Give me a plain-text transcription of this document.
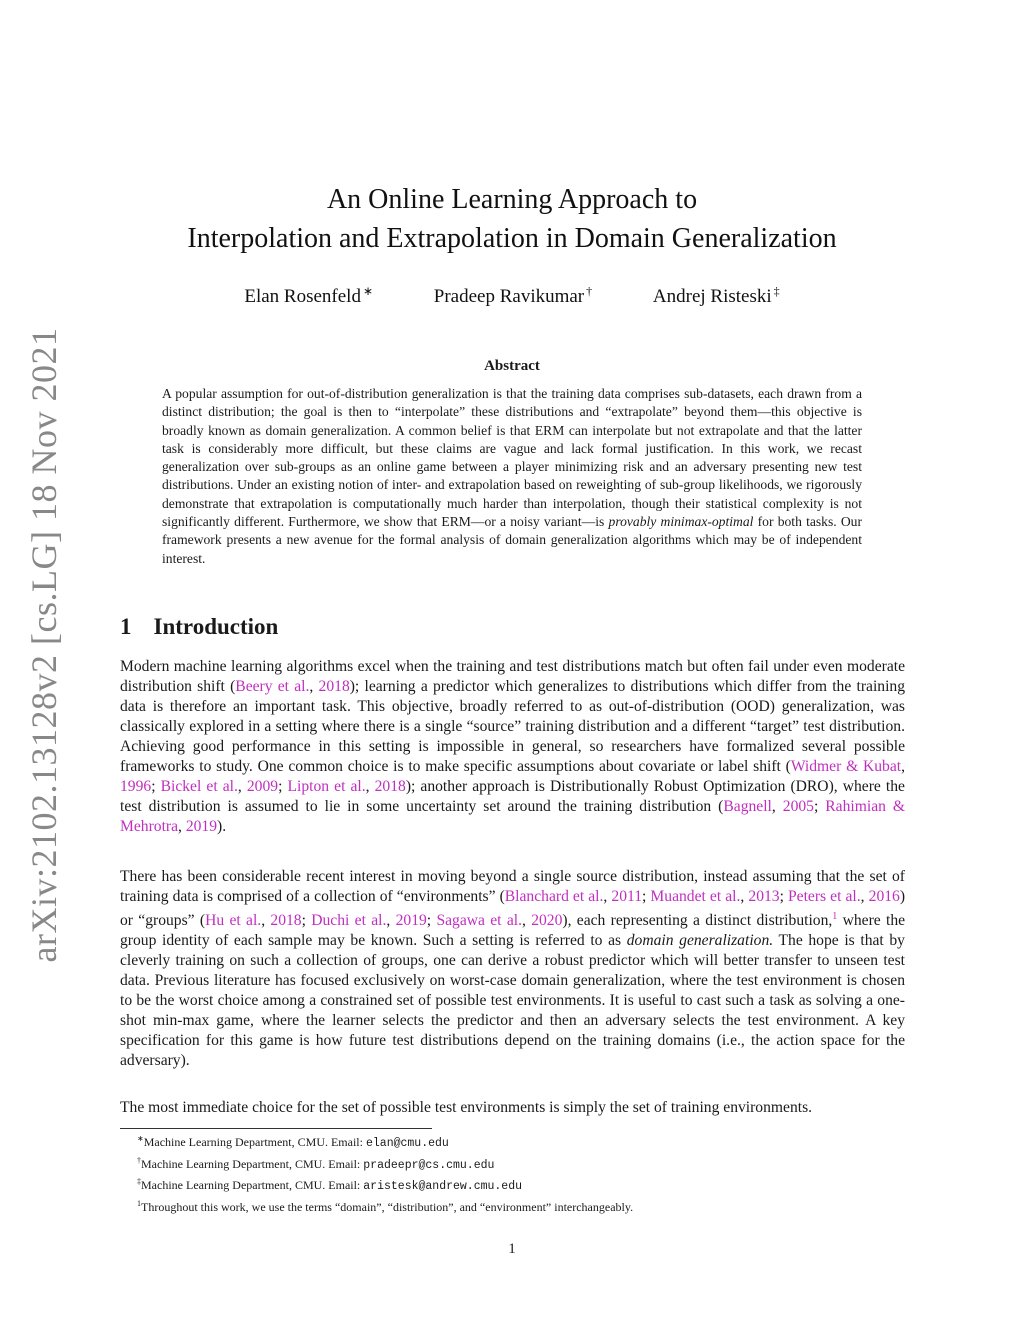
arXiv:2102.13128v2 [cs.LG] 18 Nov 2021
An Online Learning Approach to
Interpolation and Extrapolation in Domain Generalization
Elan Rosenfeld ∗	Pradeep Ravikumar †	Andrej Risteski ‡
Abstract
A popular assumption for out-of-distribution generalization is that the training data comprises sub-datasets, each drawn from a distinct distribution; the goal is then to “interpolate” these distributions and “extrapolate” beyond them—this objective is broadly known as domain generalization. A common belief is that ERM can interpolate but not extrapolate and that the latter task is considerably more difficult, but these claims are vague and lack formal justification. In this work, we recast generalization over sub-groups as an online game between a player minimizing risk and an adversary presenting new test distributions. Under an existing notion of inter- and extrapolation based on reweighting of sub-group likelihoods, we rigorously demonstrate that extrapolation is computationally much harder than interpolation, though their statistical complexity is not significantly different. Furthermore, we show that ERM—or a noisy variant—is provably minimax-optimal for both tasks. Our framework presents a new avenue for the formal analysis of domain generalization algorithms which may be of independent interest.
1 Introduction
Modern machine learning algorithms excel when the training and test distributions match but often fail under even moderate distribution shift (Beery et al., 2018); learning a predictor which generalizes to distributions which differ from the training data is therefore an important task. This objective, broadly referred to as out-of-distribution (OOD) generalization, was classically explored in a setting where there is a single “source” training distribution and a different “target” test distribution. Achieving good performance in this setting is impossible in general, so researchers have formalized several possible frameworks to study. One common choice is to make specific assumptions about covariate or label shift (Widmer & Kubat, 1996; Bickel et al., 2009; Lipton et al., 2018); another approach is Distributionally Robust Optimization (DRO), where the test distribution is assumed to lie in some uncertainty set around the training distribution (Bagnell, 2005; Rahimian & Mehrotra, 2019).
There has been considerable recent interest in moving beyond a single source distribution, instead assuming that the set of training data is comprised of a collection of “environments” (Blanchard et al., 2011; Muandet et al., 2013; Peters et al., 2016) or “groups” (Hu et al., 2018; Duchi et al., 2019; Sagawa et al., 2020), each representing a distinct distribution,$^1$ where the group identity of each sample may be known. Such a setting is referred to as domain generalization. The hope is that by cleverly training on such a collection of groups, one can derive a robust predictor which will better transfer to unseen test data. Previous literature has focused exclusively on worst-case domain generalization, where the test environment is chosen to be the worst choice among a constrained set of possible test environments. It is useful to cast such a task as solving a one-shot min-max game, where the learner selects the predictor and then an adversary selects the test environment. A key specification for this game is how future test distributions depend on the training domains (i.e., the action space for the adversary).
The most immediate choice for the set of possible test environments is simply the set of training environments.
∗Machine Learning Department, CMU. Email: elan@cmu.edu
†Machine Learning Department, CMU. Email: pradeepr@cs.cmu.edu
‡Machine Learning Department, CMU. Email: aristesk@andrew.cmu.edu
$^1$Throughout this work, we use the terms “domain”, “distribution”, and “environment” interchangeably.
1
